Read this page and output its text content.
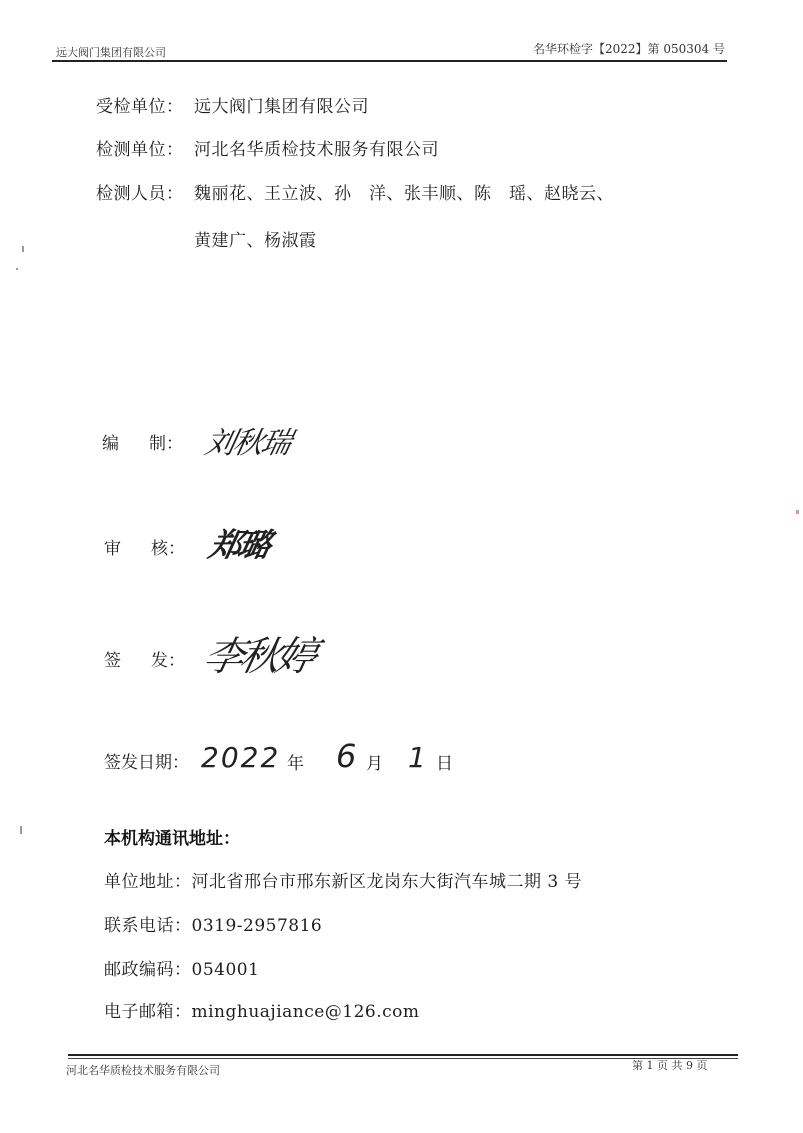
远大阀门集团有限公司	名华环检字【2022】第 050304 号
受检单位： 远大阀门集团有限公司
检测单位： 河北名华质检技术服务有限公司
检测人员： 魏丽花、王立波、孙　洋、张丰顺、陈　瑶、赵晓云、
黄建广、杨淑霞
编 制： 刘秋瑞
审 核： 郑璐
签 发： 李秋婷
签发日期： 2022 年 6 月 1 日
本机构通讯地址：
单位地址：河北省邢台市邢东新区龙岗东大街汽车城二期 3 号
联系电话：0319-2957816
邮政编码：054001
电子邮箱：minghuajiance@126.com
河北名华质检技术服务有限公司	第 1 页 共 9 页
